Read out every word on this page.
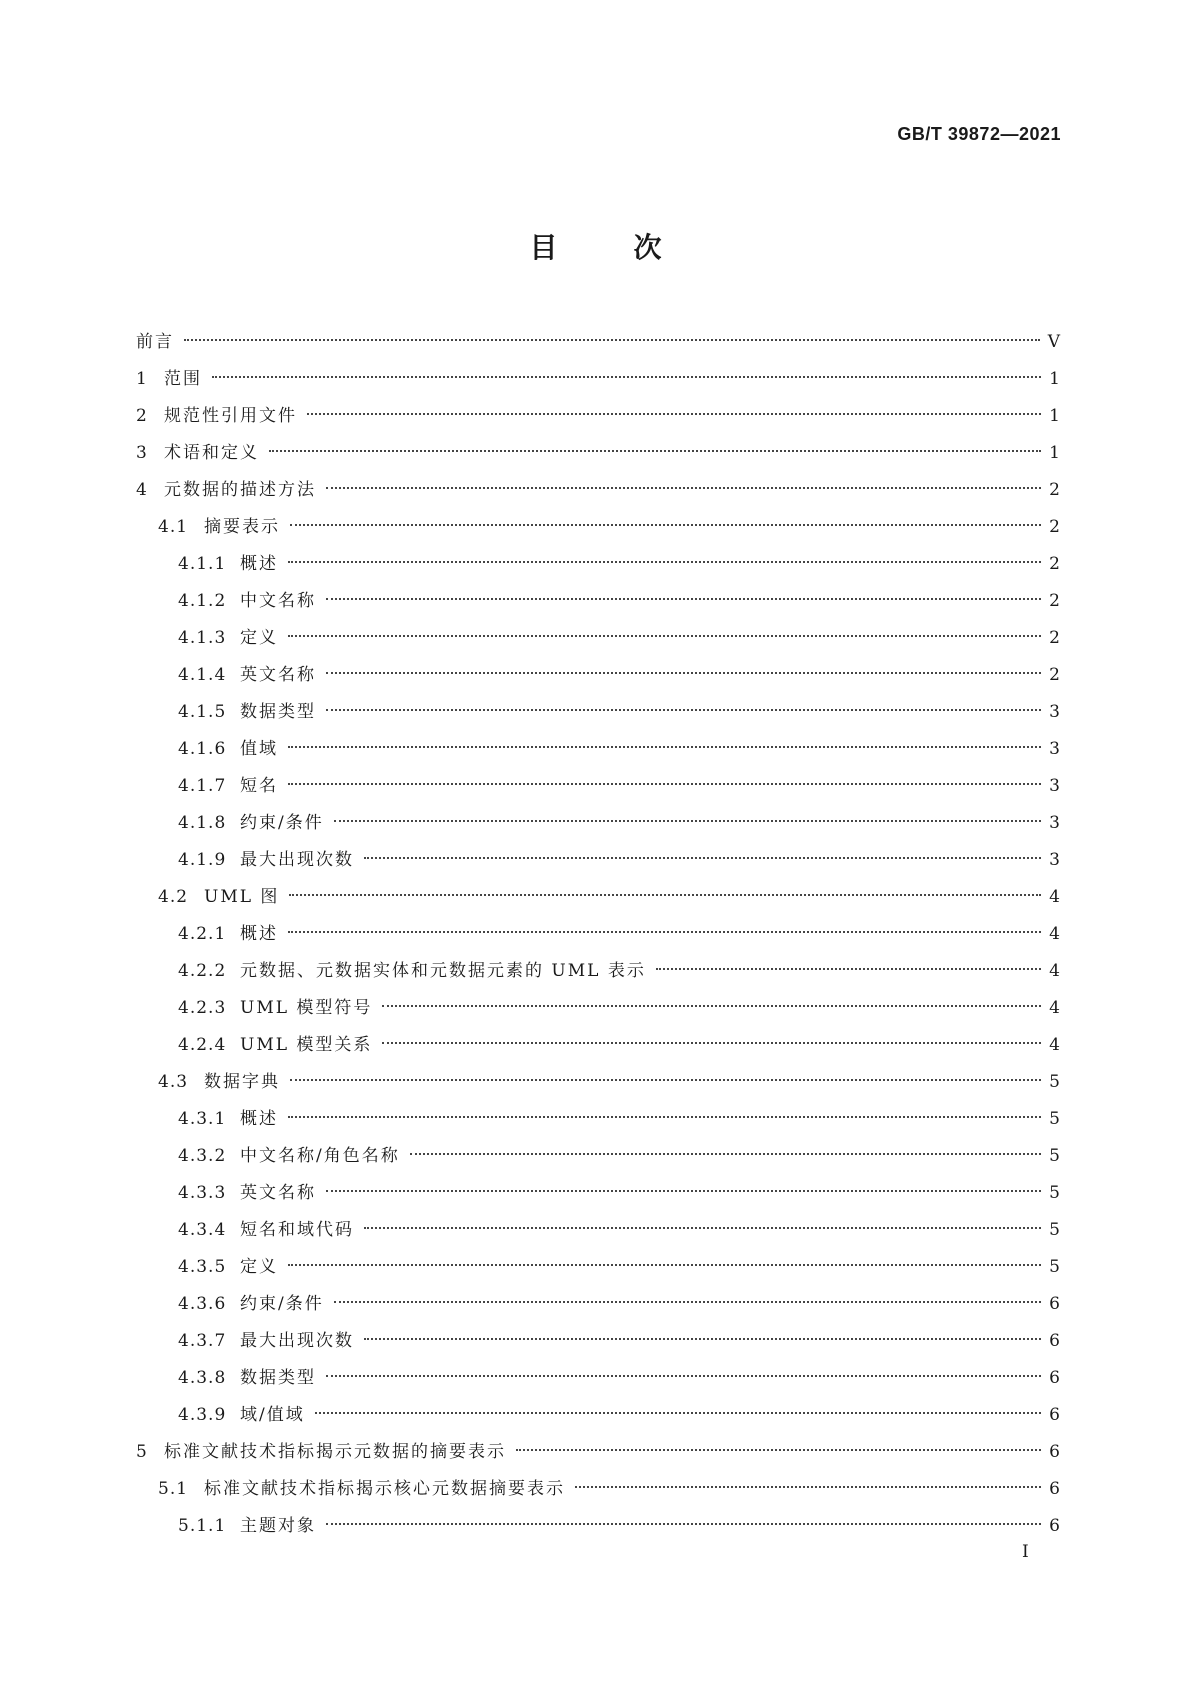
GB/T 39872—2021
目	次
前言	V
1 范围	1
2 规范性引用文件	1
3 术语和定义	1
4 元数据的描述方法	2
4.1 摘要表示	2
4.1.1 概述	2
4.1.2 中文名称	2
4.1.3 定义	2
4.1.4 英文名称	2
4.1.5 数据类型	3
4.1.6 值域	3
4.1.7 短名	3
4.1.8 约束/条件	3
4.1.9 最大出现次数	3
4.2 UML 图	4
4.2.1 概述	4
4.2.2 元数据、元数据实体和元数据元素的 UML 表示	4
4.2.3 UML 模型符号	4
4.2.4 UML 模型关系	4
4.3 数据字典	5
4.3.1 概述	5
4.3.2 中文名称/角色名称	5
4.3.3 英文名称	5
4.3.4 短名和域代码	5
4.3.5 定义	5
4.3.6 约束/条件	6
4.3.7 最大出现次数	6
4.3.8 数据类型	6
4.3.9 域/值域	6
5 标准文献技术指标揭示元数据的摘要表示	6
5.1 标准文献技术指标揭示核心元数据摘要表示	6
5.1.1 主题对象	6
I
